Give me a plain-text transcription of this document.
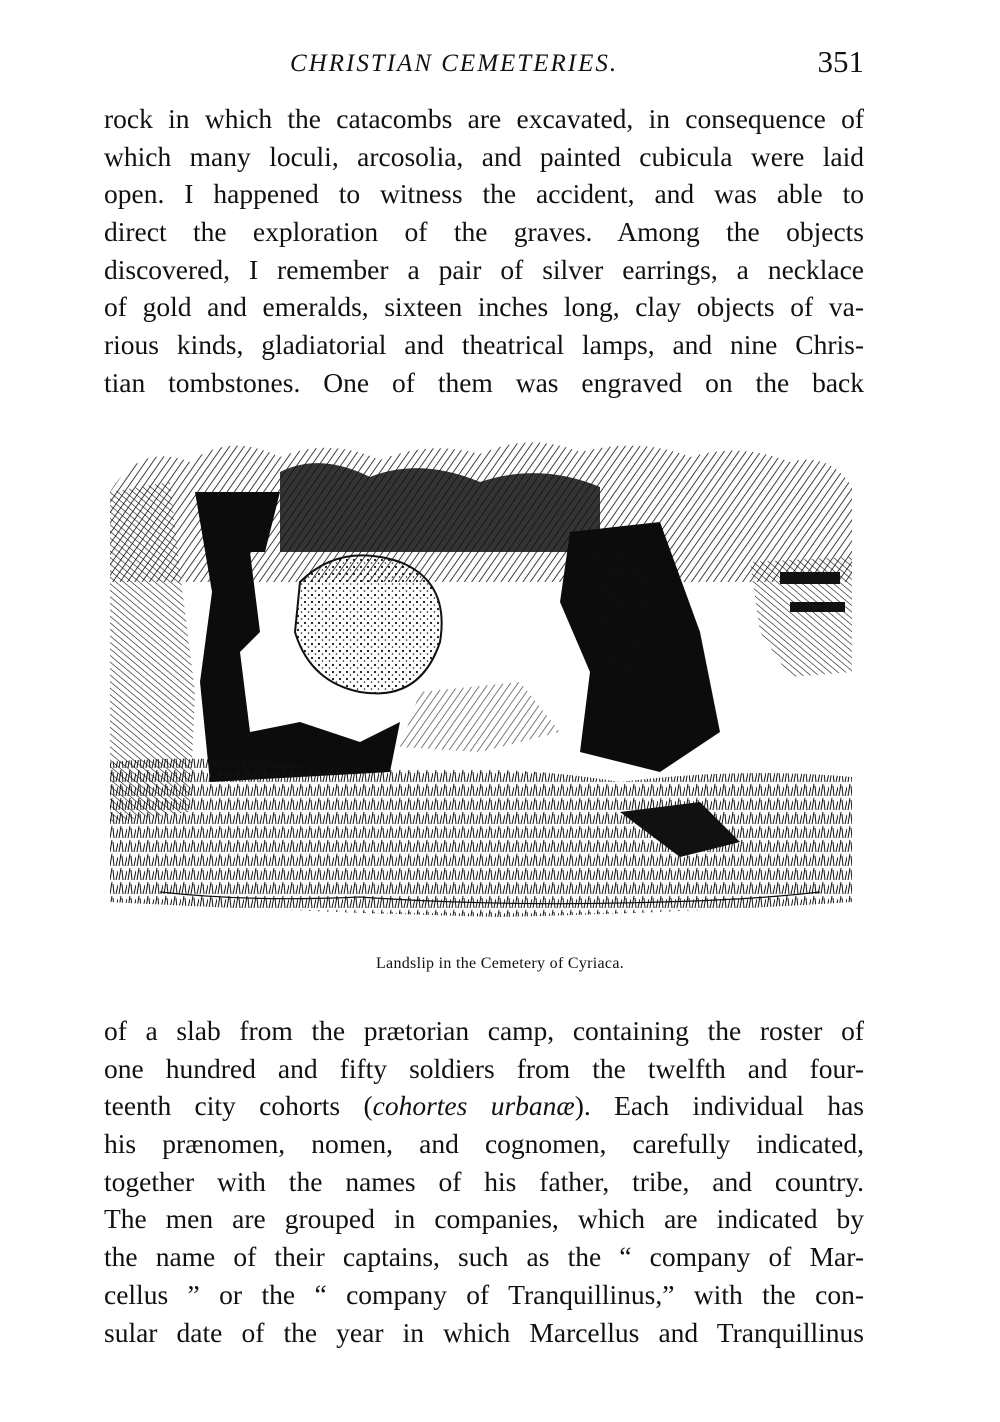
CHRISTIAN CEMETERIES.	351
rock in which the catacombs are excavated, in consequence of
which many loculi, arcosolia, and painted cubicula were laid
open. I happened to witness the accident, and was able to
direct the exploration of the graves. Among the objects
discovered, I remember a pair of silver earrings, a necklace
of gold and emeralds, sixteen inches long, clay objects of va-
rious kinds, gladiatorial and theatrical lamps, and nine Chris-
tian tombstones. One of them was engraved on the back
Landslip in the Cemetery of Cyriaca.
of a slab from the prætorian camp, containing the roster of
one hundred and fifty soldiers from the twelfth and four-
teenth city cohorts (cohortes urbanæ). Each individual has
his prænomen, nomen, and cognomen, carefully indicated,
together with the names of his father, tribe, and country.
The men are grouped in companies, which are indicated by
the name of their captains, such as the “ company of Mar-
cellus ” or the “ company of Tranquillinus,” with the con-
sular date of the year in which Marcellus and Tranquillinus
